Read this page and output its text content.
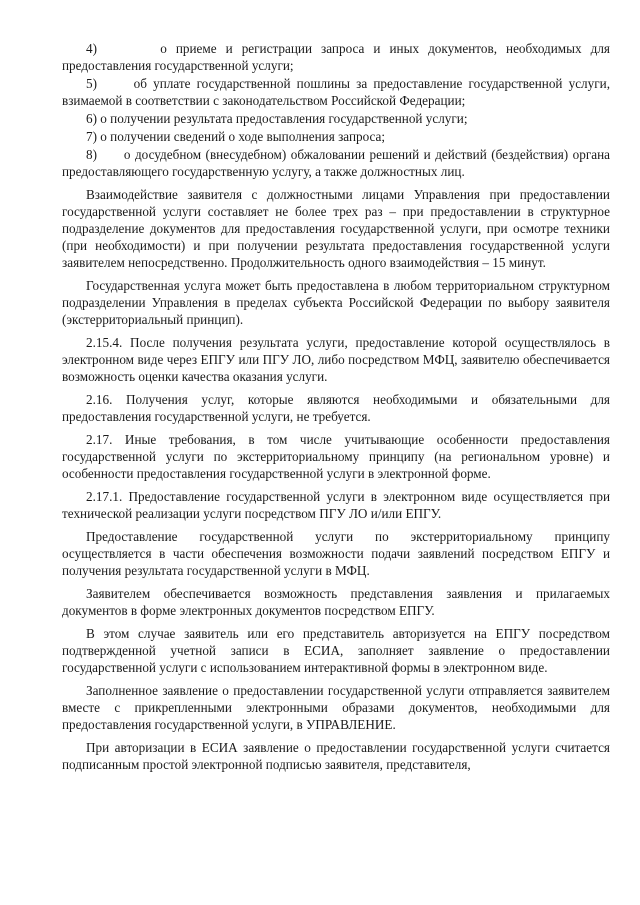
4)       о приеме и регистрации запроса и иных документов, необходимых для предоставления государственной услуги;

5)      об уплате государственной пошлины за предоставление государственной услуги, взимаемой в соответствии с законодательством Российской Федерации;

6) о получении результата предоставления государственной услуги;

7) о получении сведений о ходе выполнения запроса;

8)      о досудебном (внесудебном) обжаловании решений и действий (бездействия) органа предоставляющего государственную услугу, а также должностных лиц.

Взаимодействие заявителя с должностными лицами Управления при предоставлении государственной услуги составляет не более трех раз – при предоставлении в структурное подразделение документов для предоставления государственной услуги, при осмотре техники (при необходимости) и при получении результата предоставления государственной услуги заявителем непосредственно. Продолжительность одного взаимодействия – 15 минут.

Государственная услуга может быть предоставлена в любом территориальном структурном подразделении Управления в пределах субъекта Российской Федерации по выбору заявителя (экстерриториальный принцип).

2.15.4. После получения результата услуги, предоставление которой осуществлялось в электронном виде через ЕПГУ или ПГУ ЛО, либо посредством МФЦ, заявителю обеспечивается возможность оценки качества оказания услуги.

2.16. Получения услуг, которые являются необходимыми и обязательными для предоставления государственной услуги, не требуется.

2.17. Иные требования, в том числе учитывающие особенности предоставления государственной услуги по экстерриториальному принципу (на региональном уровне) и особенности предоставления государственной услуги в электронной форме.

2.17.1. Предоставление государственной услуги в электронном виде осуществляется при технической реализации услуги посредством ПГУ ЛО и/или ЕПГУ.

Предоставление государственной услуги по экстерриториальному принципу осуществляется в части обеспечения возможности подачи заявлений посредством ЕПГУ и получения результата государственной услуги в МФЦ.

Заявителем обеспечивается возможность представления заявления и прилагаемых документов в форме электронных документов посредством ЕПГУ.

В этом случае заявитель или его представитель авторизуется на ЕПГУ посредством подтвержденной учетной записи в ЕСИА, заполняет заявление о предоставлении государственной услуги с использованием интерактивной формы в электронном виде.

Заполненное заявление о предоставлении государственной услуги отправляется заявителем вместе с прикрепленными электронными образами документов, необходимыми для предоставления государственной услуги, в УПРАВЛЕНИЕ.

При авторизации в ЕСИА заявление о предоставлении государственной услуги считается подписанным простой электронной подписью заявителя, представителя,
